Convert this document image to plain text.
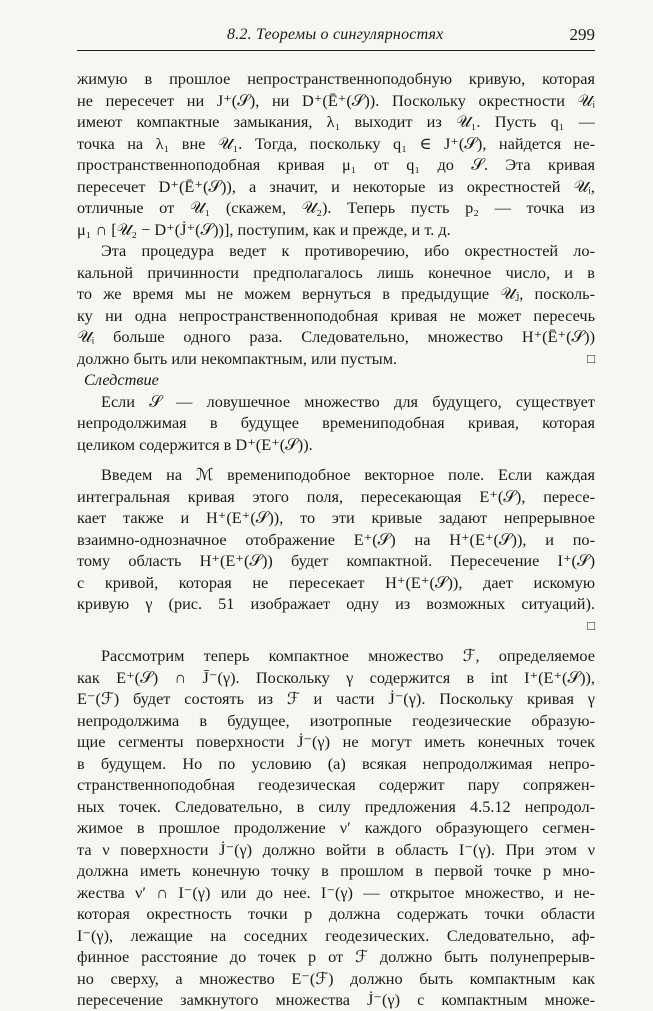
8.2. Теоремы о сингулярностях	299
жимую в прошлое непространственноподобную кривую, которая
не пересечет ни J⁺(𝒮), ни D⁺(Ē⁺(𝒮)). Поскольку окрестности 𝒰ᵢ
имеют компактные замыкания, λ₁ выходит из 𝒰₁. Пусть q₁ —
точка на λ₁ вне 𝒰₁. Тогда, поскольку q₁ ∈ J⁺(𝒮), найдется не-
пространственноподобная кривая μ₁ от q₁ до 𝒮. Эта кривая
пересечет D⁺(Ē⁺(𝒮)), а значит, и некоторые из окрестностей 𝒰ᵢ,
отличные от 𝒰₁ (скажем, 𝒰₂). Теперь пусть p₂ — точка из
μ₁ ∩ [𝒰₂ − D⁺(J̇⁺(𝒮))], поступим, как и прежде, и т. д.
Эта процедура ведет к противоречию, ибо окрестностей ло-
кальной причинности предполагалось лишь конечное число, и в
то же время мы не можем вернуться в предыдущие 𝒰ⱼ, посколь-
ку ни одна непространственноподобная кривая не может пересечь
𝒰ᵢ больше одного раза. Следовательно, множество H⁺(Ē⁺(𝒮))
должно быть или некомпактным, или пустым.	□
Следствие
Если 𝒮 — ловушечное множество для будущего, существует
непродолжимая в будущее времениподобная кривая, которая
целиком содержится в D⁺(E⁺(𝒮)).
Введем на ℳ времениподобное векторное поле. Если каждая
интегральная кривая этого поля, пересекающая E⁺(𝒮), пересе-
кает также и H⁺(E⁺(𝒮)), то эти кривые задают непрерывное
взаимно-однозначное отображение E⁺(𝒮) на H⁺(E⁺(𝒮)), и по-
тому область H⁺(E⁺(𝒮)) будет компактной. Пересечение I⁺(𝒮)
с кривой, которая не пересекает H⁺(E⁺(𝒮)), дает искомую
кривую γ (рис. 51 изображает одну из возможных ситуаций).
□
Рассмотрим теперь компактное множество ℱ, определяемое
как E⁺(𝒮) ∩ J̄⁻(γ). Поскольку γ содержится в int I⁺(E⁺(𝒮)),
E⁻(ℱ) будет состоять из ℱ и части J̇⁻(γ). Поскольку кривая γ
непродолжима в будущее, изотропные геодезические образую-
щие сегменты поверхности J̇⁻(γ) не могут иметь конечных точек
в будущем. Но по условию (а) всякая непродолжимая непро-
странственноподобная геодезическая содержит пару сопряжен-
ных точек. Следовательно, в силу предложения 4.5.12 непродол-
жимое в прошлое продолжение ν′ каждого образующего сегмен-
та ν поверхности J̇⁻(γ) должно войти в область I⁻(γ). При этом ν
должна иметь конечную точку в прошлом в первой точке p мно-
жества ν′ ∩ I⁻(γ) или до нее. I⁻(γ) — открытое множество, и не-
которая окрестность точки p должна содержать точки области
I⁻(γ), лежащие на соседних геодезических. Следовательно, аф-
финное расстояние до точек p от ℱ должно быть полунепрерыв-
но сверху, а множество E⁻(ℱ) должно быть компактным как
пересечение замкнутого множества J̇⁻(γ) с компактным множе-
